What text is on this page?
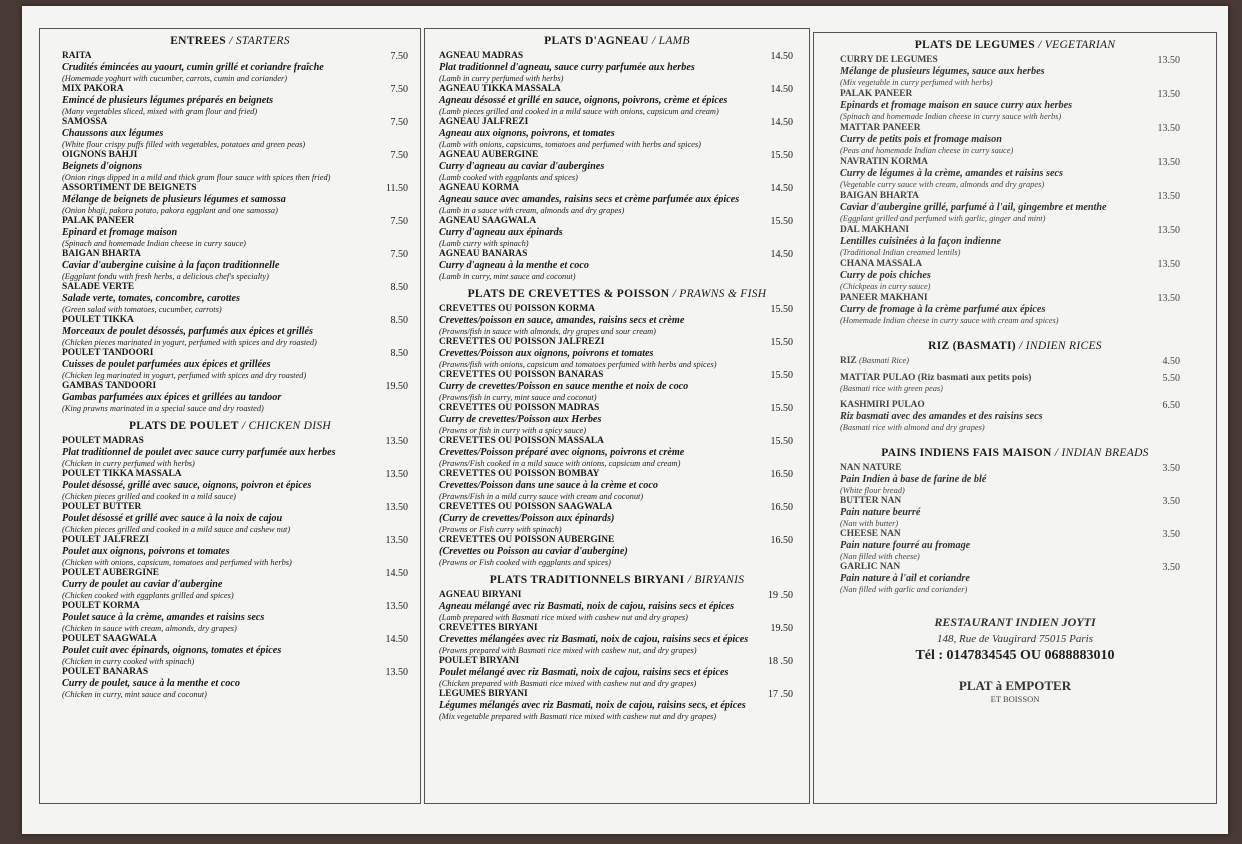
ENTREES / STARTERS
RAITA	7.50
Crudités émincées au yaourt, cumin grillé et coriandre fraîche
(Homemade yoghurt with cucumber, carrots, cumin and coriander)
MIX PAKORA	7.50
Emincé de plusieurs légumes préparés en beignets
(Many vegetables sliced, mixed with gram flour and fried)
SAMOSSA	7.50
Chaussons aux légumes
(White flour crispy puffs filled with vegetables, potatoes and green peas)
OIGNONS BAHJI	7.50
Beignets d'oignons
(Onion rings dipped in a mild and thick gram flour sauce with spices then fried)
ASSORTIMENT DE BEIGNETS	11.50
Mélange de beignets de plusieurs légumes et samossa
(Onion bhaji, pakora potato, pakora eggplant and one samossa)
PALAK PANEER	7.50
Epinard et fromage maison
(Spinach and homemade Indian cheese in curry sauce)
BAIGAN BHARTA	7.50
Caviar d'aubergine cuisine à la façon traditionnelle
(Eggplant fondu with fresh herbs, a delicious chef's specialty)
SALADE VERTE	8.50
Salade verte, tomates, concombre, carottes
(Green salad with tomatoes, cucumber, carrots)
POULET TIKKA	8.50
Morceaux de poulet désossés, parfumés aux épices et grillés
(Chicken pieces marinated in yogurt, perfumed with spices and dry roasted)
POULET TANDOORI	8.50
Cuisses de poulet parfumées aux épices et grillées
(Chicken leg marinated in yogurt, perfumed with spices and dry roasted)
GAMBAS TANDOORI	19.50
Gambas parfumées aux épices et grillées au tandoor
(King prawns marinated in a special sauce and dry roasted)
PLATS DE POULET / CHICKEN DISH
POULET MADRAS	13.50
Plat traditionnel de poulet avec sauce curry parfumée aux herbes
(Chicken in curry perfumed with herbs)
POULET TIKKA MASSALA	13.50
Poulet désossé, grillé avec sauce, oignons, poivron et épices
(Chicken pieces grilled and cooked in a mild sauce)
POULET BUTTER	13.50
Poulet désossé et grillé avec sauce à la noix de cajou
(Chicken pieces grilled and cooked in a mild sauce and cashew nut)
POULET JALFREZI	13.50
Poulet aux oignons, poivrons et tomates
(Chicken with onions, capsicum, tomatoes and perfumed with herbs)
POULET AUBERGINE	14.50
Curry de poulet au caviar d'aubergine
(Chicken cooked with eggplants grilled and spices)
POULET KORMA	13.50
Poulet sauce à la crème, amandes et raisins secs
(Chicken in sauce with cream, almonds, dry grapes)
POULET SAAGWALA	14.50
Poulet cuit avec épinards, oignons, tomates et épices
(Chicken in curry cooked with spinach)
POULET BANARAS	13.50
Curry de poulet, sauce à la menthe et coco
(Chicken in curry, mint sauce and coconut)
PLATS D'AGNEAU / LAMB
AGNEAU MADRAS	14.50
Plat traditionnel d'agneau, sauce curry parfumée aux herbes
(Lamb in curry perfumed with herbs)
AGNEAU TIKKA MASSALA	14.50
Agneau désossé et grillé en sauce, oignons, poivrons, crème et épices
(Lamb pieces grilled and cooked in a mild sauce with onions, capsicum and cream)
AGNEAU JALFREZI	14.50
Agneau aux oignons, poivrons, et tomates
(Lamb with onions, capsicums, tomatoes and perfumed with herbs and spices)
AGNEAU AUBERGINE	15.50
Curry d'agneau au caviar d'aubergines
(Lamb cooked with eggplants and spices)
AGNEAU KORMA	14.50
Agneau sauce avec amandes, raisins secs et crème parfumée aux épices
(Lamb in a sauce with cream, almonds and dry grapes)
AGNEAU SAAGWALA	15.50
Curry d'agneau aux épinards
(Lamb curry with spinach)
AGNEAU BANARAS	14.50
Curry d'agneau à la menthe et coco
(Lamb in curry, mint sauce and coconut)
PLATS DE CREVETTES & POISSON / PRAWNS & FISH
CREVETTES OU POISSON KORMA	15.50
Crevettes/poisson en sauce, amandes, raisins secs et crème
(Prawns/fish in sauce with almonds, dry grapes and sour cream)
CREVETTES OU POISSON JALFREZI	15.50
Crevettes/Poisson aux oignons, poivrons et tomates
(Prawns/fish with onions, capsicum and tomatoes perfumed with herbs and spices)
CREVETTES OU POISSON BANARAS	15.50
Curry de crevettes/Poisson en sauce menthe et noix de coco
(Prawns/fish in curry, mint sauce and coconut)
CREVETTES OU POISSON MADRAS	15.50
Curry de crevettes/Poisson aux Herbes
(Prawns or fish in curry with a spicy sauce)
CREVETTES OU POISSON MASSALA	15.50
Crevettes/Poisson préparé avec oignons, poivrons et crème
(Prawns/Fish cooked in a mild sauce with onions, capsicum and cream)
CREVETTES OU POISSON BOMBAY	16.50
Crevettes/Poisson dans une sauce à la crème et coco
(Prawns/Fish in a mild curry sauce with cream and coconut)
CREVETTES OU POISSON SAAGWALA	16.50
(Curry de crevettes/Poisson aux épinards)
(Prawns or Fish curry with spinach)
CREVETTES OU POISSON AUBERGINE	16.50
(Crevettes ou Poisson au caviar d'aubergine)
(Prawns or Fish cooked with eggplants and spices)
PLATS TRADITIONNELS BIRYANI / BIRYANIS
AGNEAU BIRYANI	19 .50
Agneau mélangé avec riz Basmati, noix de cajou, raisins secs et épices
(Lamb prepared with Basmati rice mixed with cashew nut and dry grapes)
CREVETTES BIRYANI	19.50
Crevettes mélangées avec riz Basmati, noix de cajou, raisins secs et épices
(Prawns prepared with Basmati rice mixed with cashew nut, and dry grapes)
POULET BIRYANI	18 .50
Poulet mélangé avec riz Basmati, noix de cajou, raisins secs et épices
(Chicken prepared with Basmati rice mixed with cashew nut and dry grapes)
LEGUMES BIRYANI	17 .50
Légumes mélangés avec riz Basmati, noix de cajou, raisins secs, et épices
(Mix vegetable prepared with Basmati rice mixed with cashew nut and dry grapes)
PLATS DE LEGUMES / VEGETARIAN
CURRY DE LEGUMES	13.50
Mélange de plusieurs légumes, sauce aux herbes
(Mix vegetable in curry perfumed with herbs)
PALAK PANEER	13.50
Epinards et fromage maison en sauce curry aux herbes
(Spinach and homemade Indian cheese in curry sauce with herbs)
MATTAR PANEER	13.50
Curry de petits pois et fromage maison
(Peas and homemade Indian cheese in curry sauce)
NAVRATIN KORMA	13.50
Curry de légumes à la crème, amandes et raisins secs
(Vegetable curry sauce with cream, almonds and dry grapes)
BAIGAN BHARTA	13.50
Caviar d'aubergine grillé, parfumé à l'ail, gingembre et menthe
(Eggplant grilled and perfumed with garlic, ginger and mint)
DAL MAKHANI	13.50
Lentilles cuisinées à la façon indienne
(Traditional Indian creamed lentils)
CHANA MASSALA	13.50
Curry de pois chiches
(Chickpeas in curry sauce)
PANEER MAKHANI	13.50
Curry de fromage à la crème parfumé aux épices
(Homemade Indian cheese in curry sauce with cream and spices)
RIZ (BASMATI) / INDIEN RICES
RIZ (Basmati Rice)	4.50
MATTAR PULAO (Riz basmati aux petits pois)	5.50
(Basmati rice with green peas)
KASHMIRI PULAO	6.50
Riz basmati avec des amandes et des raisins secs
(Basmati rice with almond and dry grapes)
PAINS INDIENS FAIS MAISON / INDIAN BREADS
NAN NATURE	3.50
Pain Indien à base de farine de blé
(White flour bread)
BUTTER NAN	3.50
Pain nature beurré
(Nan with butter)
CHEESE NAN	3.50
Pain nature fourré au fromage
(Nan filled with cheese)
GARLIC NAN	3.50
Pain nature à l'ail et coriandre
(Nan filled with garlic and coriander)
RESTAURANT INDIEN JOYTI
148, Rue de Vaugirard 75015 Paris
Tél : 0147834545 OU 0688883010
PLAT à EMPOTER
ET BOISSON
